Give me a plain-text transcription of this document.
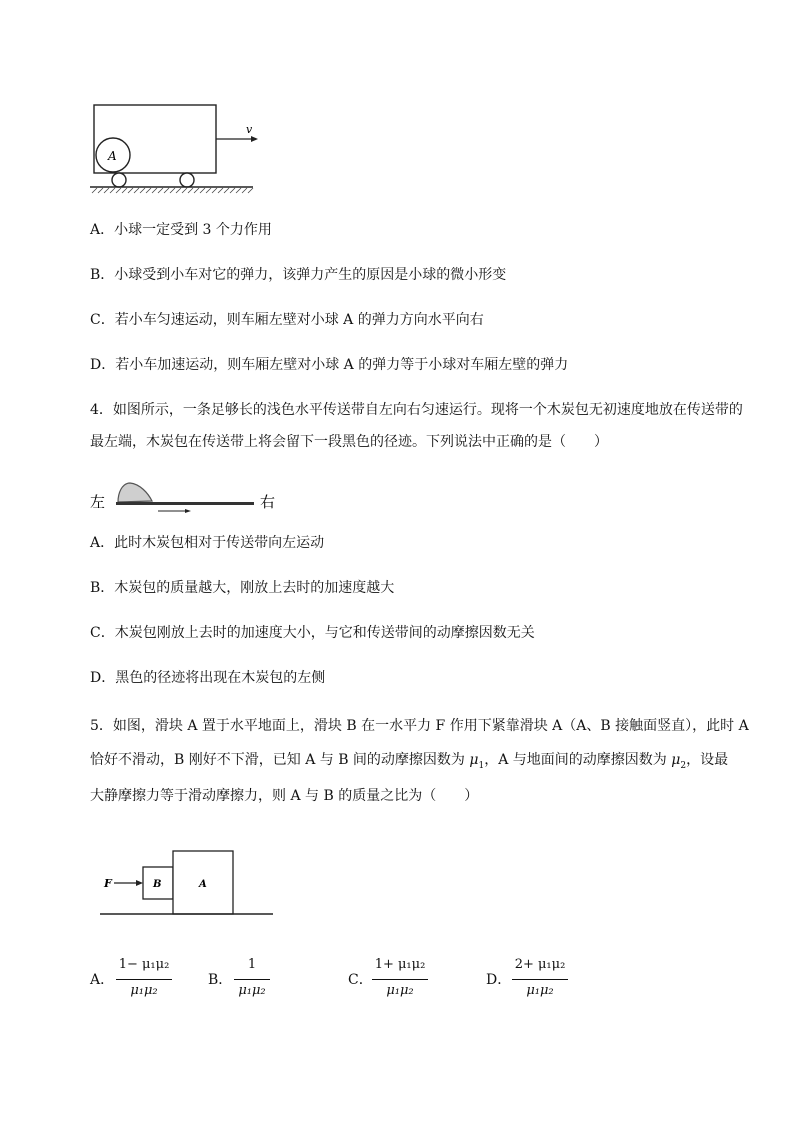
A
v
A．小球一定受到 3 个力作用
B．小球受到小车对它的弹力，该弹力产生的原因是小球的微小形变
C．若小车匀速运动，则车厢左壁对小球 A 的弹力方向水平向右
D．若小车加速运动，则车厢左壁对小球 A 的弹力等于小球对车厢左壁的弹力
4．如图所示，一条足够长的浅色水平传送带自左向右匀速运行。现将一个木炭包无初速度地放在传送带的
最左端，木炭包在传送带上将会留下一段黑色的径迹。下列说法中正确的是（　　）
左	右
A．此时木炭包相对于传送带向左运动
B．木炭包的质量越大，刚放上去时的加速度越大
C．木炭包刚放上去时的加速度大小，与它和传送带间的动摩擦因数无关
D．黑色的径迹将出现在木炭包的左侧
5．如图，滑块 A 置于水平地面上，滑块 B 在一水平力 F 作用下紧靠滑块 A（A、B 接触面竖直），此时 A
恰好不滑动，B 刚好不下滑，已知 A 与 B 间的动摩擦因数为 $\mu_1$，A 与地面间的动摩擦因数为 $\mu_2$，设最
大静摩擦力等于滑动摩擦力，则 A 与 B 的质量之比为（　　）
F	B	A
A．
1− μ₁μ₂
μ₁μ₂
B．
1
μ₁μ₂
C．
1+ μ₁μ₂
μ₁μ₂
D．
2+ μ₁μ₂
μ₁μ₂
